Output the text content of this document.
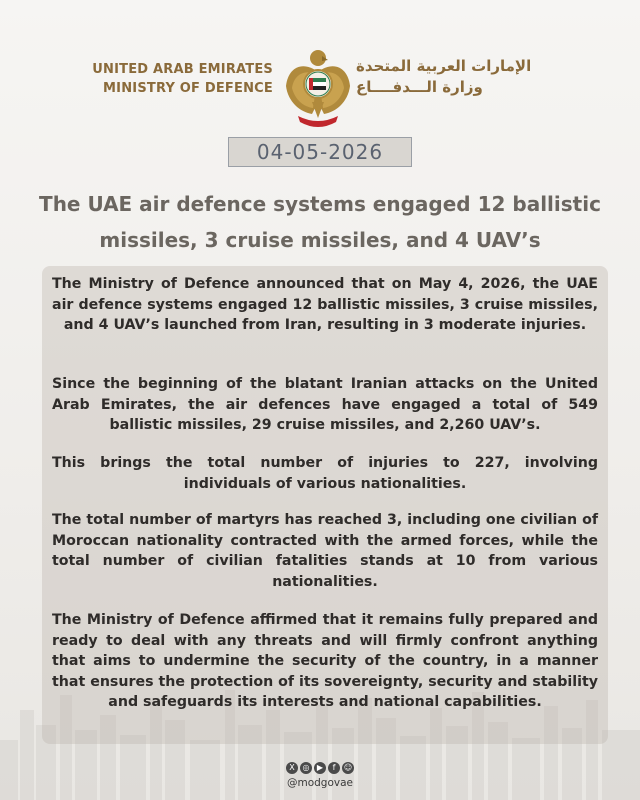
UNITED ARAB EMIRATES
MINISTRY OF DEFENCE
الإمارات العربية المتحدة
وزارة الـــدفــــاع
04-05-2026
The UAE air defence systems engaged 12 ballistic missiles, 3 cruise missiles, and 4 UAV’s
The Ministry of Defence announced that on May 4, 2026, the UAE air defence systems engaged 12 ballistic missiles, 3 cruise missiles, and 4 UAV’s launched from Iran, resulting in 3 moderate injuries.
Since the beginning of the blatant Iranian attacks on the United Arab Emirates, the air defences have engaged a total of 549 ballistic missiles, 29 cruise missiles, and 2,260 UAV’s.
This brings the total number of injuries to 227, involving individuals of various nationalities.
The total number of martyrs has reached 3, including one civilian of Moroccan nationality contracted with the armed forces, while the total number of civilian fatalities stands at 10 from various nationalities.
The Ministry of Defence affirmed that it remains fully prepared and ready to deal with any threats and will firmly confront anything that aims to undermine the security of the country, in a manner that ensures the protection of its sovereignty, security and stability and safeguards its interests and national capabilities.
X ◎ ▶	f	☺
@modgovae
